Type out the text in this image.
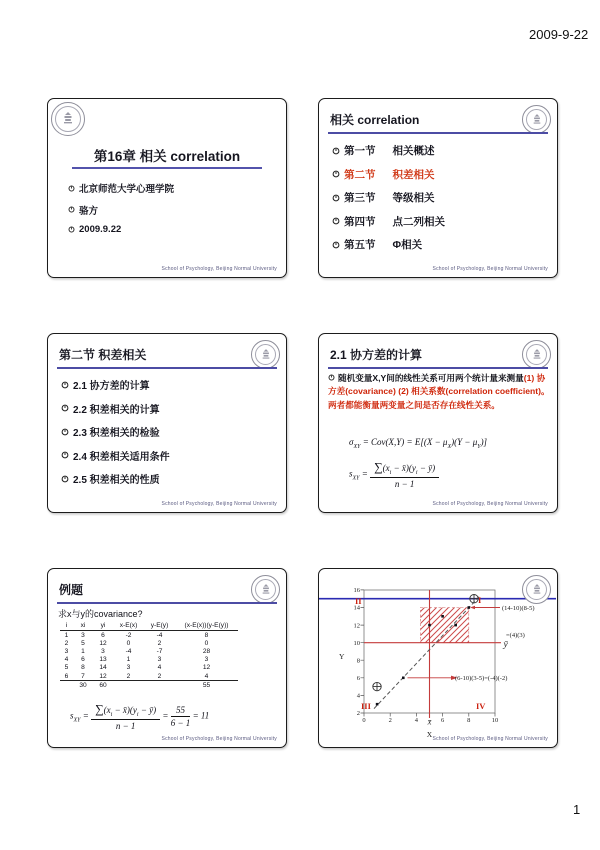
2009-9-22
1
第16章 相关 correlation
北京师范大学心理学院
骆方
2009.9.22
School of Psychology, Beijing Normal University
相关 correlation
第一节 相关概述
第二节 积差相关
第三节 等级相关
第四节 点二列相关
第五节 Φ相关
School of Psychology, Beijing Normal University
第二节 积差相关
2.1 协方差的计算
2.2 积差相关的计算
2.3 积差相关的检验
2.4 积差相关适用条件
2.5 积差相关的性质
School of Psychology, Beijing Normal University
2.1 协方差的计算
随机变量X,Y间的线性关系可用两个统计量来测量(1) 协方差(covariance) (2) 相关系数(correlation coefficient)。两者都能衡量两变量之间是否存在线性关系。
$\sigma_{XY} = Cov(X,Y) = E[(X - \mu_X)(Y - \mu_Y)]$
$s_{XY} = \frac{\sum(x_i - x̄)(y_i - ȳ)}{n - 1}$
School of Psychology, Beijing Normal University
例题
求x与y的covariance?
i	xi	yi	x-E(x)	y-E(y)	(x-E(x))(y-E(y))
1	3	6	-2	-4	8
2	5	12	0	2	0
3	1	3	-4	-7	28
4	6	13	1	3	3
5	8	14	3	4	12
6	7	12	2	2	4
	30	60			55
$s_{XY} = \frac{\sum(x_i - x̄)(y_i - ȳ)}{n - 1} = \frac{55}{6 - 1} = 11$
School of Psychology, Beijing Normal University
16
14
12
10
8
6
4
2
0	2	4	6	8	10
Y
X
x̄
ȳ
I
II
III	IV
(14-10)(8-5)
=(4)(3)
(6-10)(3-5)=(-4)(-2)
School of Psychology, Beijing Normal University
